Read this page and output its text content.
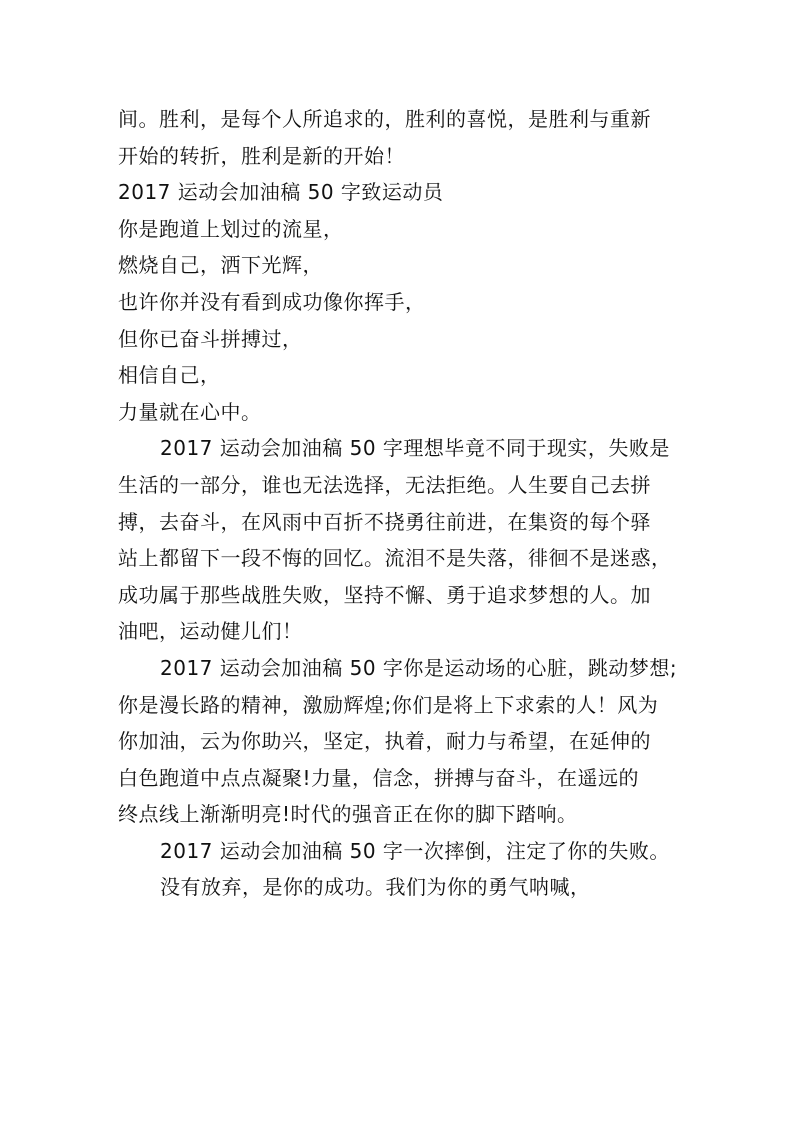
间。胜利，是每个人所追求的，胜利的喜悦，是胜利与重新
开始的转折，胜利是新的开始！
2017 运动会加油稿 50 字致运动员
你是跑道上划过的流星，
燃烧自己，洒下光辉，
也许你并没有看到成功像你挥手，
但你已奋斗拼搏过，
相信自己，
力量就在心中。
2017 运动会加油稿 50 字理想毕竟不同于现实，失败是
生活的一部分，谁也无法选择，无法拒绝。人生要自己去拼
搏，去奋斗，在风雨中百折不挠勇往前进，在集资的每个驿
站上都留下一段不悔的回忆。流泪不是失落，徘徊不是迷惑，
成功属于那些战胜失败，坚持不懈、勇于追求梦想的人。加
油吧，运动健儿们！
2017 运动会加油稿 50 字你是运动场的心脏，跳动梦想;
你是漫长路的精神，激励辉煌;你们是将上下求索的人！风为
你加油，云为你助兴，坚定，执着，耐力与希望，在延伸的
白色跑道中点点凝聚!力量，信念，拼搏与奋斗，在遥远的
终点线上渐渐明亮!时代的强音正在你的脚下踏响。
2017 运动会加油稿 50 字一次摔倒，注定了你的失败。
没有放弃，是你的成功。我们为你的勇气呐喊，
